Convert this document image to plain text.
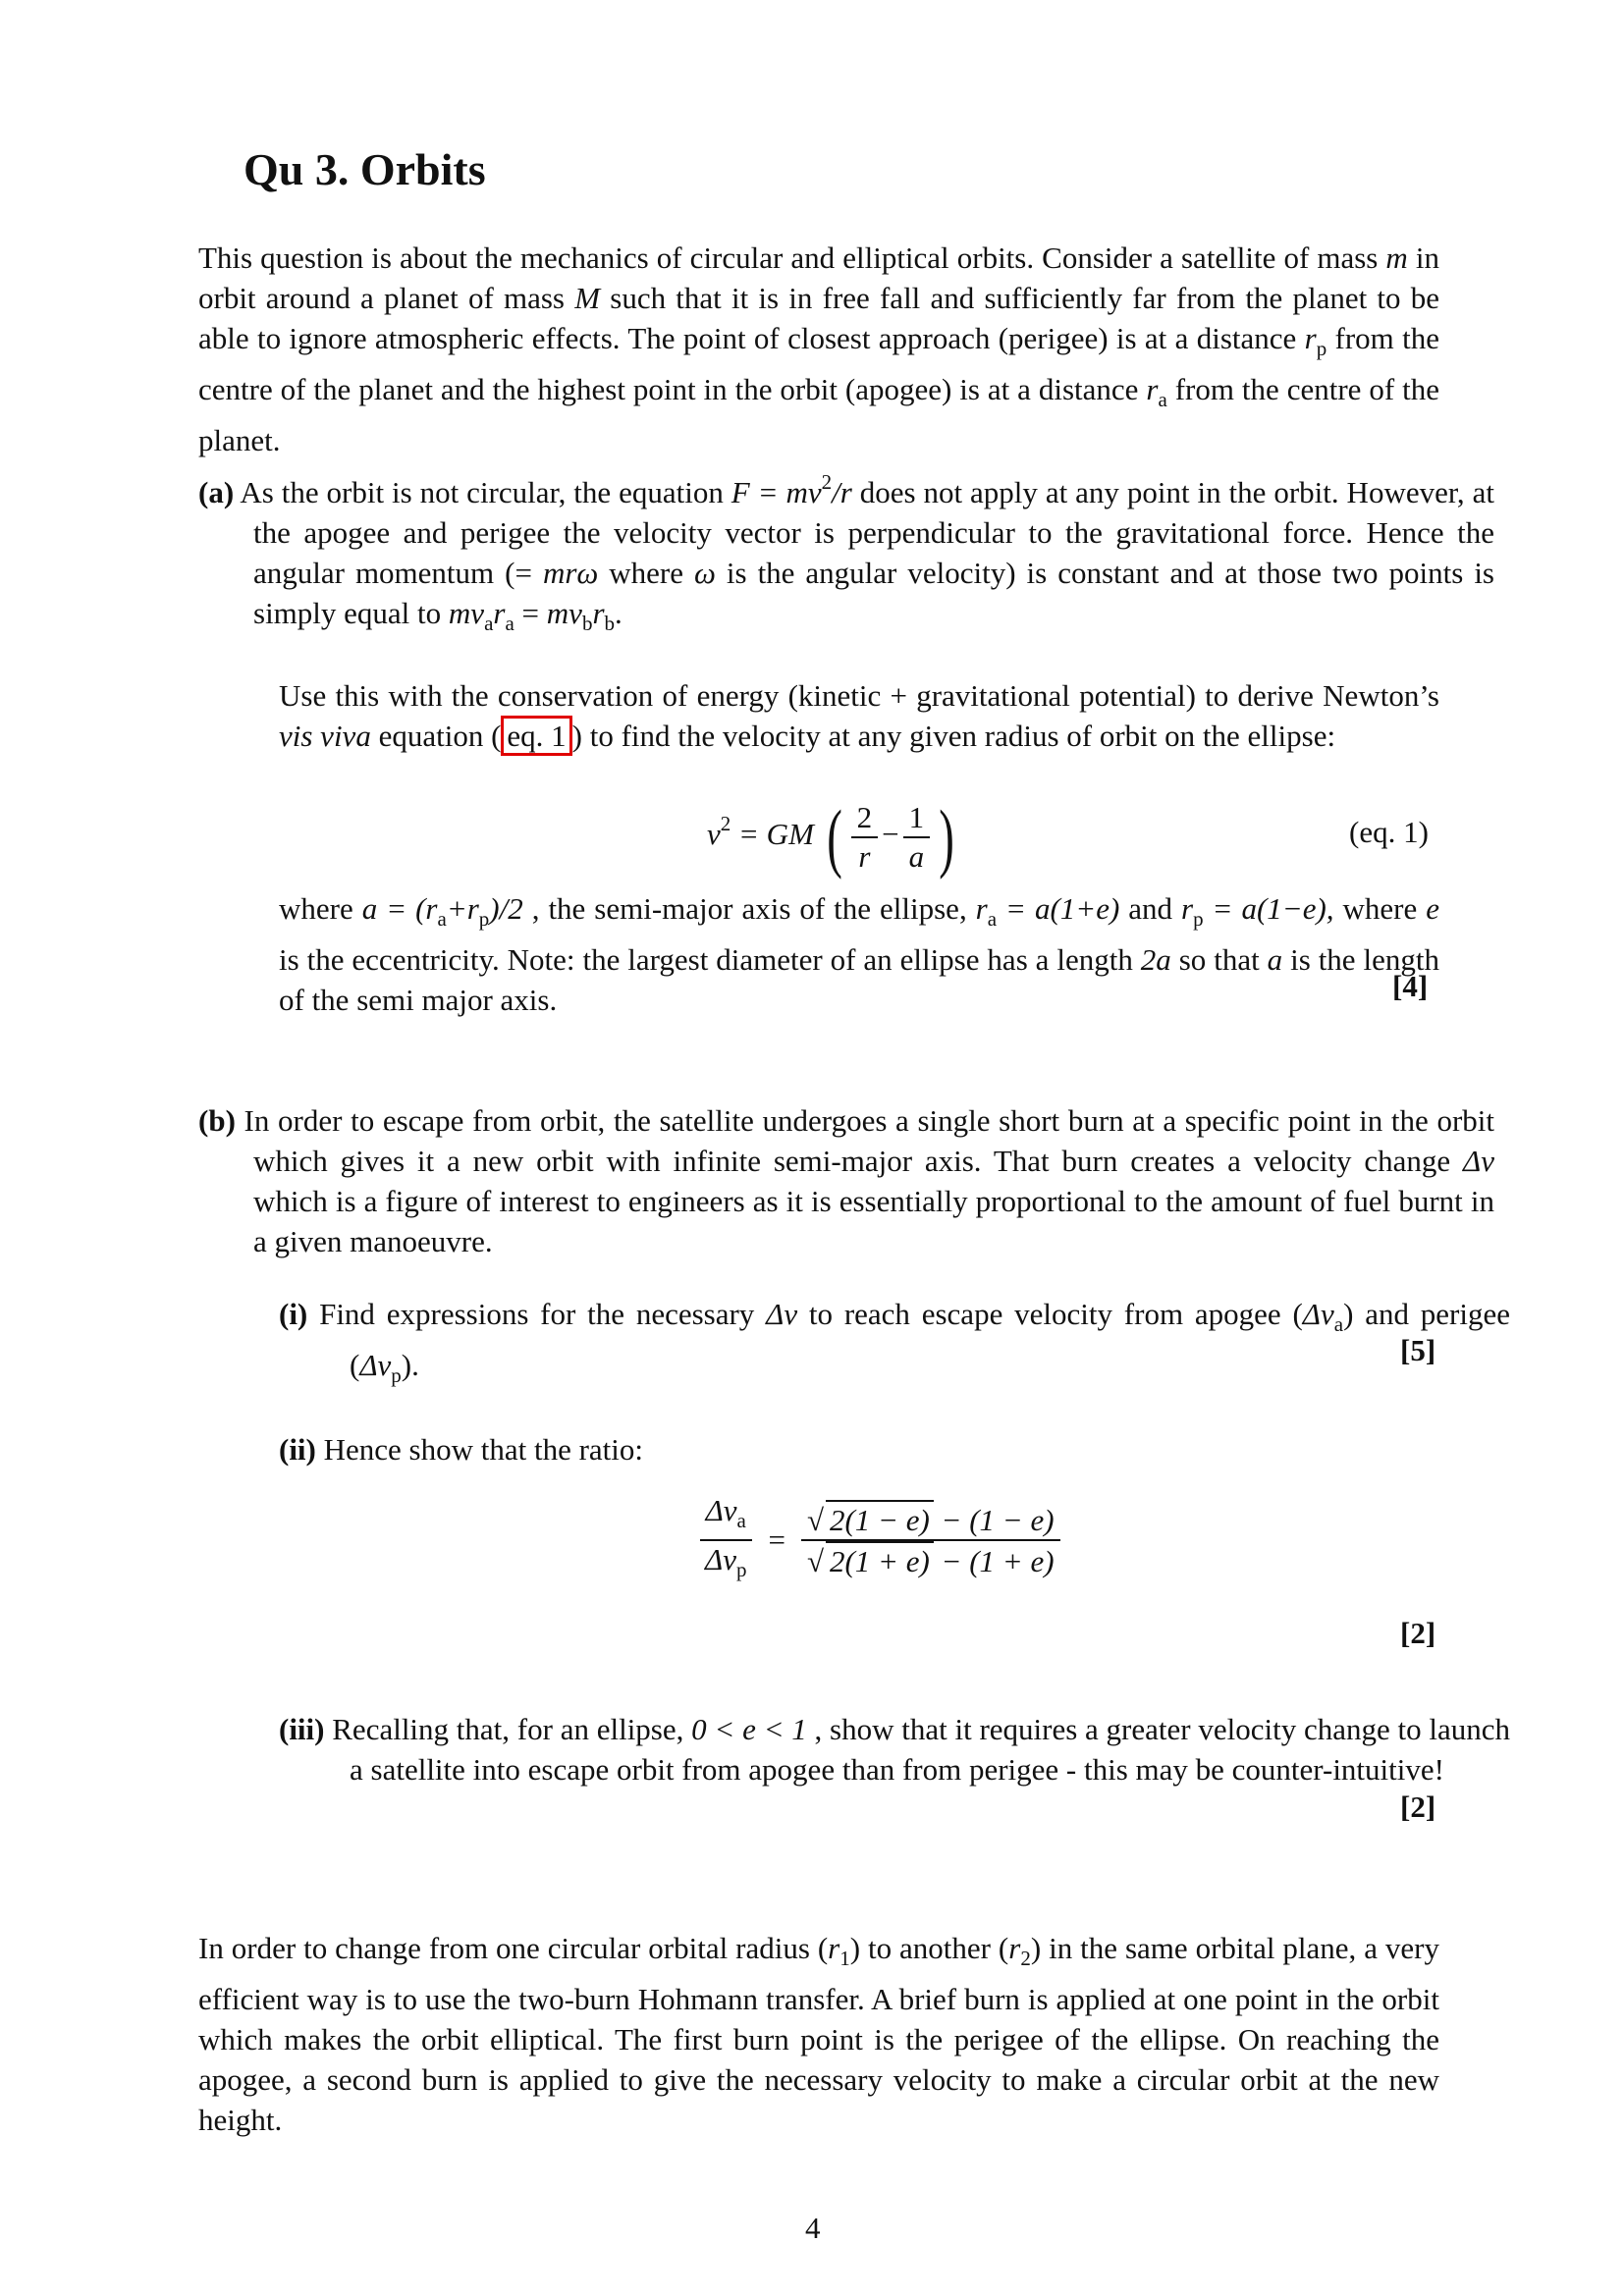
Qu 3. Orbits

This question is about the mechanics of circular and elliptical orbits. Consider a satellite of mass m in orbit around a planet of mass M such that it is in free fall and sufficiently far from the planet to be able to ignore atmospheric effects. The point of closest approach (perigee) is at a distance $r_p$ from the centre of the planet and the highest point in the orbit (apogee) is at a distance $r_a$ from the centre of the planet.

(a) As the orbit is not circular, the equation $F = mv^2/r$ does not apply at any point in the orbit. However, at the apogee and perigee the velocity vector is perpendicular to the gravitational force. Hence the angular momentum (= mrω where ω is the angular velocity) is constant and at those two points is simply equal to $mv_ar_a = mv_br_b$.

Use this with the conservation of energy (kinetic + gravitational potential) to derive Newton’s vis viva equation ( eq. 1 ) to find the velocity at any given radius of orbit on the ellipse:

$v^2$ = GM ( $\frac{2}{r} - \frac{1}{a}$ )	(eq. 1)

where $a = (r_a+r_p)/2$ , the semi-major axis of the ellipse, $r_a = a(1+e)$ and $r_p = a(1-e)$, where e is the eccentricity. Note: the largest diameter of an ellipse has a length 2a so that a is the length of the semi major axis.	[4]

(b) In order to escape from orbit, the satellite undergoes a single short burn at a specific point in the orbit which gives it a new orbit with infinite semi-major axis. That burn creates a velocity change Δv which is a figure of interest to engineers as it is essentially proportional to the amount of fuel burnt in a given manoeuvre.

(i) Find expressions for the necessary Δv to reach escape velocity from apogee $(\Delta v_a)$ and perigee $(\Delta v_p)$.	[5]

(ii) Hence show that the ratio:

$\frac{\Delta v_a}{\Delta v_p} = \frac{√ 2(1 - e) - (1 - e)}{√ 2(1 + e) - (1 + e)}$
[2]

(iii) Recalling that, for an ellipse, 0 < e < 1 , show that it requires a greater velocity change to launch a satellite into escape orbit from apogee than from perigee - this may be counter-intuitive!

[2]

In order to change from one circular orbital radius $(r_1)$ to another $(r_2)$ in the same orbital plane, a very efficient way is to use the two-burn Hohmann transfer. A brief burn is applied at one point in the orbit which makes the orbit elliptical. The first burn point is the perigee of the ellipse. On reaching the apogee, a second burn is applied to give the necessary velocity to make a circular orbit at the new height.

4
